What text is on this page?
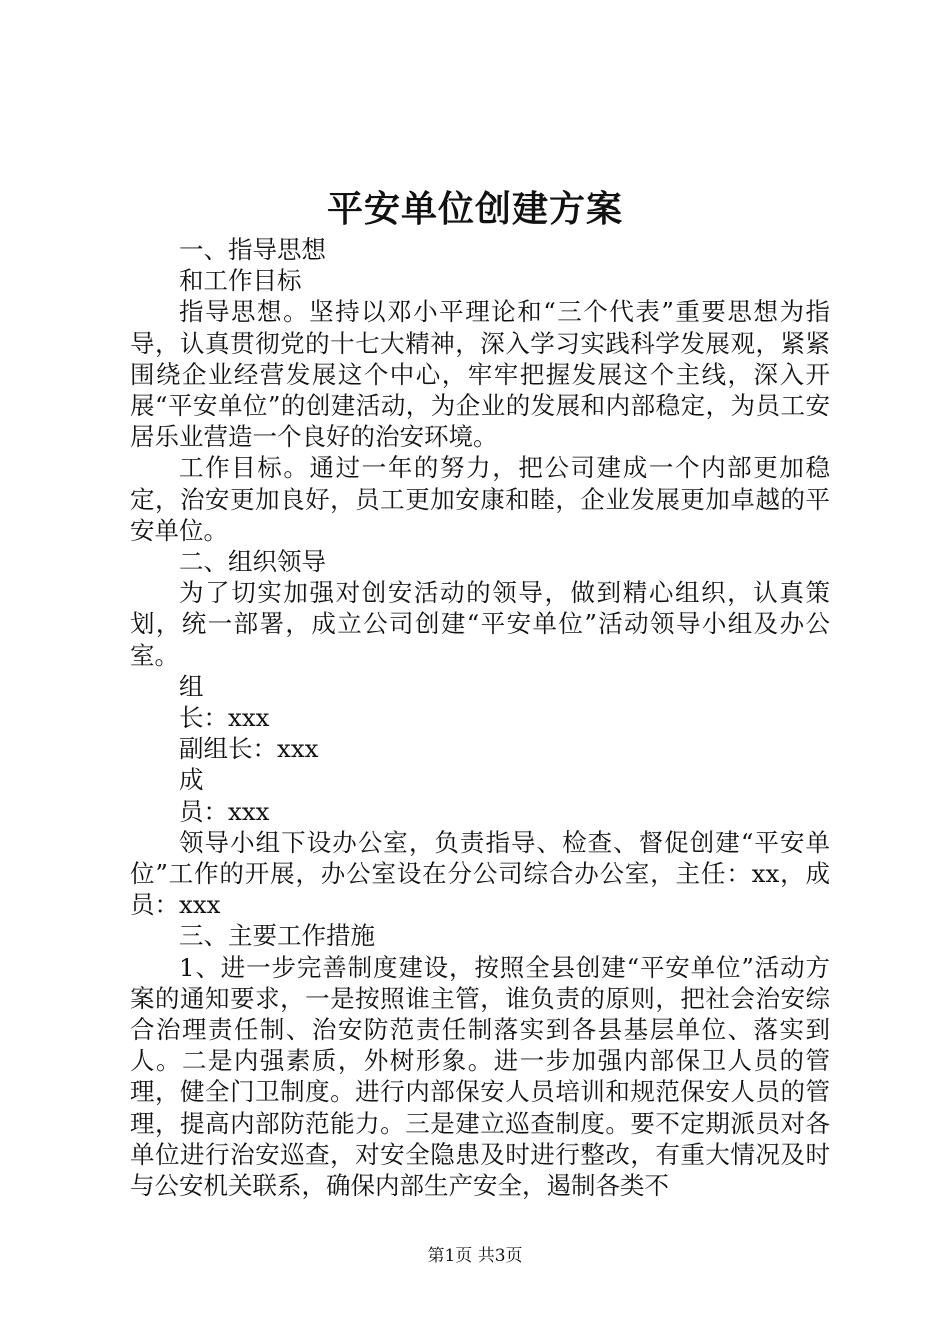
平安单位创建方案

一、指导思想

和工作目标

指导思想。坚持以邓小平理论和“三个代表”重要思想为指导，认真贯彻党的十七大精神，深入学习实践科学发展观，紧紧围绕企业经营发展这个中心，牢牢把握发展这个主线，深入开展“平安单位”的创建活动，为企业的发展和内部稳定，为员工安居乐业营造一个良好的治安环境。

工作目标。通过一年的努力，把公司建成一个内部更加稳定，治安更加良好，员工更加安康和睦，企业发展更加卓越的平安单位。

二、组织领导

为了切实加强对创安活动的领导，做到精心组织，认真策划，统一部署，成立公司创建“平安单位”活动领导小组及办公室。

组

长：xxx

副组长：xxx

成

员：xxx

领导小组下设办公室，负责指导、检查、督促创建“平安单位”工作的开展，办公室设在分公司综合办公室，主任：xx，成员：xxx

三、主要工作措施

1、进一步完善制度建设，按照全县创建“平安单位”活动方案的通知要求，一是按照谁主管，谁负责的原则，把社会治安综合治理责任制、治安防范责任制落实到各县基层单位、落实到人。二是内强素质，外树形象。进一步加强内部保卫人员的管理，健全门卫制度。进行内部保安人员培训和规范保安人员的管理，提高内部防范能力。三是建立巡查制度。要不定期派员对各单位进行治安巡查，对安全隐患及时进行整改，有重大情况及时与公安机关联系，确保内部生产安全，遏制各类不

第1页 共3页
